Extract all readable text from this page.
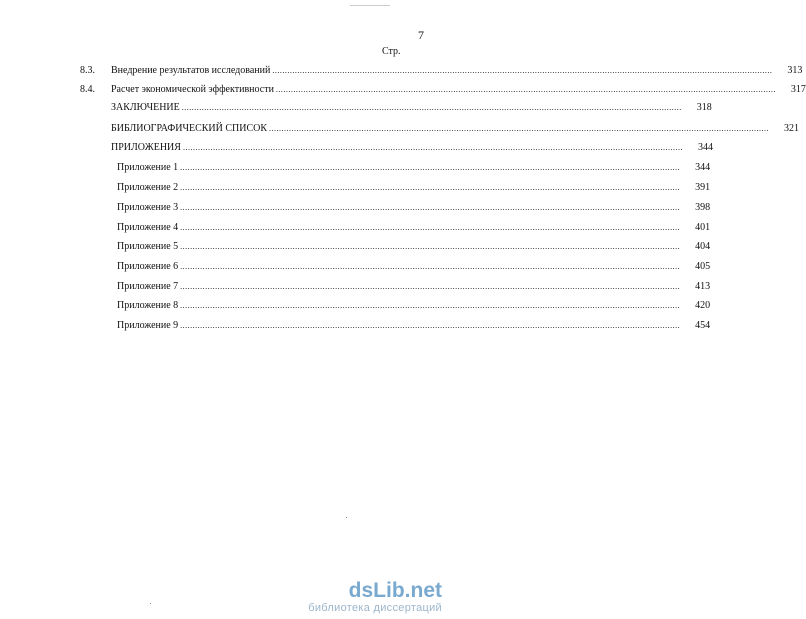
7
Стр.
8.3.	Внедрение результатов исследований ........................................................................................................................................................................................................	313
8.4.	Расчет экономической эффективности ........................................................................................................................................................................................................	317
ЗАКЛЮЧЕНИЕ ........................................................................................................................................................................................................	318
БИБЛИОГРАФИЧЕСКИЙ СПИСОК ........................................................................................................................................................................................................	321
ПРИЛОЖЕНИЯ ........................................................................................................................................................................................................	344
Приложение 1 ........................................................................................................................................................................................................	344
Приложение 2 ........................................................................................................................................................................................................	391
Приложение 3 ........................................................................................................................................................................................................	398
Приложение 4 ........................................................................................................................................................................................................	401
Приложение 5 ........................................................................................................................................................................................................	404
Приложение 6 ........................................................................................................................................................................................................	405
Приложение 7 ........................................................................................................................................................................................................	413
Приложение 8 ........................................................................................................................................................................................................	420
Приложение 9 ........................................................................................................................................................................................................	454
dsLib.net
библиотека диссертаций
